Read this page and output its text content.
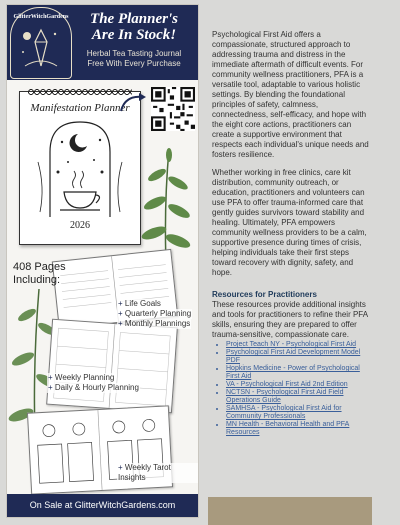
GlitterWitchGardens	The Planner's
Are In Stock!
Herbal Tea Tasting Journal
Free With Every Purchase
Manifestation Planner
2026
408 Pages
Including:
+ Life Goals
+ Quarterly Planning
+ Monthly Plannings
+ Weekly Planning
+ Daily & Hourly Planning
+ Weekly Tarot Insights
On Sale at GlitterWitchGardens.com

Psychological First Aid offers a compassionate, structured approach to addressing trauma and distress in the immediate aftermath of difficult events. For community wellness practitioners, PFA is a versatile tool, adaptable to various holistic settings. By blending the foundational principles of safety, calmness, connectedness, self-efficacy, and hope with the eight core actions, practitioners can create a supportive environment that respects each individual's unique needs and fosters resilience.

Whether working in free clinics, care kit distribution, community outreach, or education, practitioners and volunteers can use PFA to offer trauma-informed care that gently guides survivors toward stability and healing. Ultimately, PFA empowers community wellness providers to be a calm, supportive presence during times of crisis, helping individuals take their first steps toward recovery with dignity, safety, and hope.

Resources for Practitioners
These resources provide additional insights and tools for practitioners to refine their PFA skills, ensuring they are prepared to offer trauma-sensitive, compassionate care.
• Project Teach NY - Psychological First Aid
• Psychological First Aid Development Model PDF
• Hopkins Medicine - Power of Psychological First Aid
• VA - Psychological First Aid 2nd Edition
• NCTSN - Psychological First Aid Field Operations Guide
• SAMHSA - Psychological First Aid for Community Professionals
• MN Health - Behavioral Health and PFA Resources
